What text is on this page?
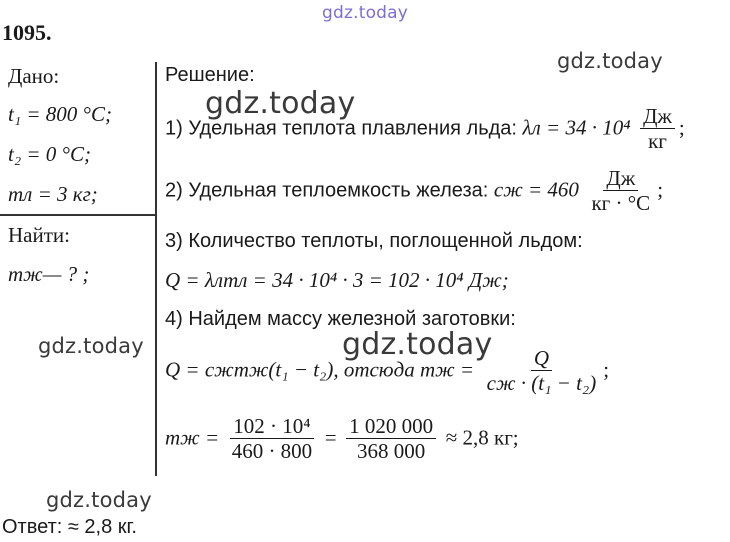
gdz.today
gdz.today
gdz.today
gdz.today
gdz.today
gdz.today
1095.
Дано:
t₁ = 800 °C;
t₂ = 0 °C;
mл = 3 кг;
Найти:
mж— ? ;
Решение:
1) Удельная теплота плавления льда: $\lambda л = 34 \cdot 10^4 \frac{Дж}{кг}$ ;
2) Удельная теплоемкость железа: cж = $460 \frac{Дж}{кг \cdot ^\circ C}$ ;
3) Количество теплоты, поглощенной льдом:
Q = λлmл = 34 · 10⁴ · 3 = 102 · 10⁴ Дж;
4) Найдем массу железной заготовки:
Q = cжmж(t₁ − t₂), отсюда mж = $\frac{Q}{\text{cж · (t₁ − t₂)}}$ ;
mж = $\frac{\text{102 · 10⁴}}{460 \cdot 800} = \frac{1 020 000}{368 000} \approx 2,8$ кг;
Ответ: ≈ 2,8 кг.
